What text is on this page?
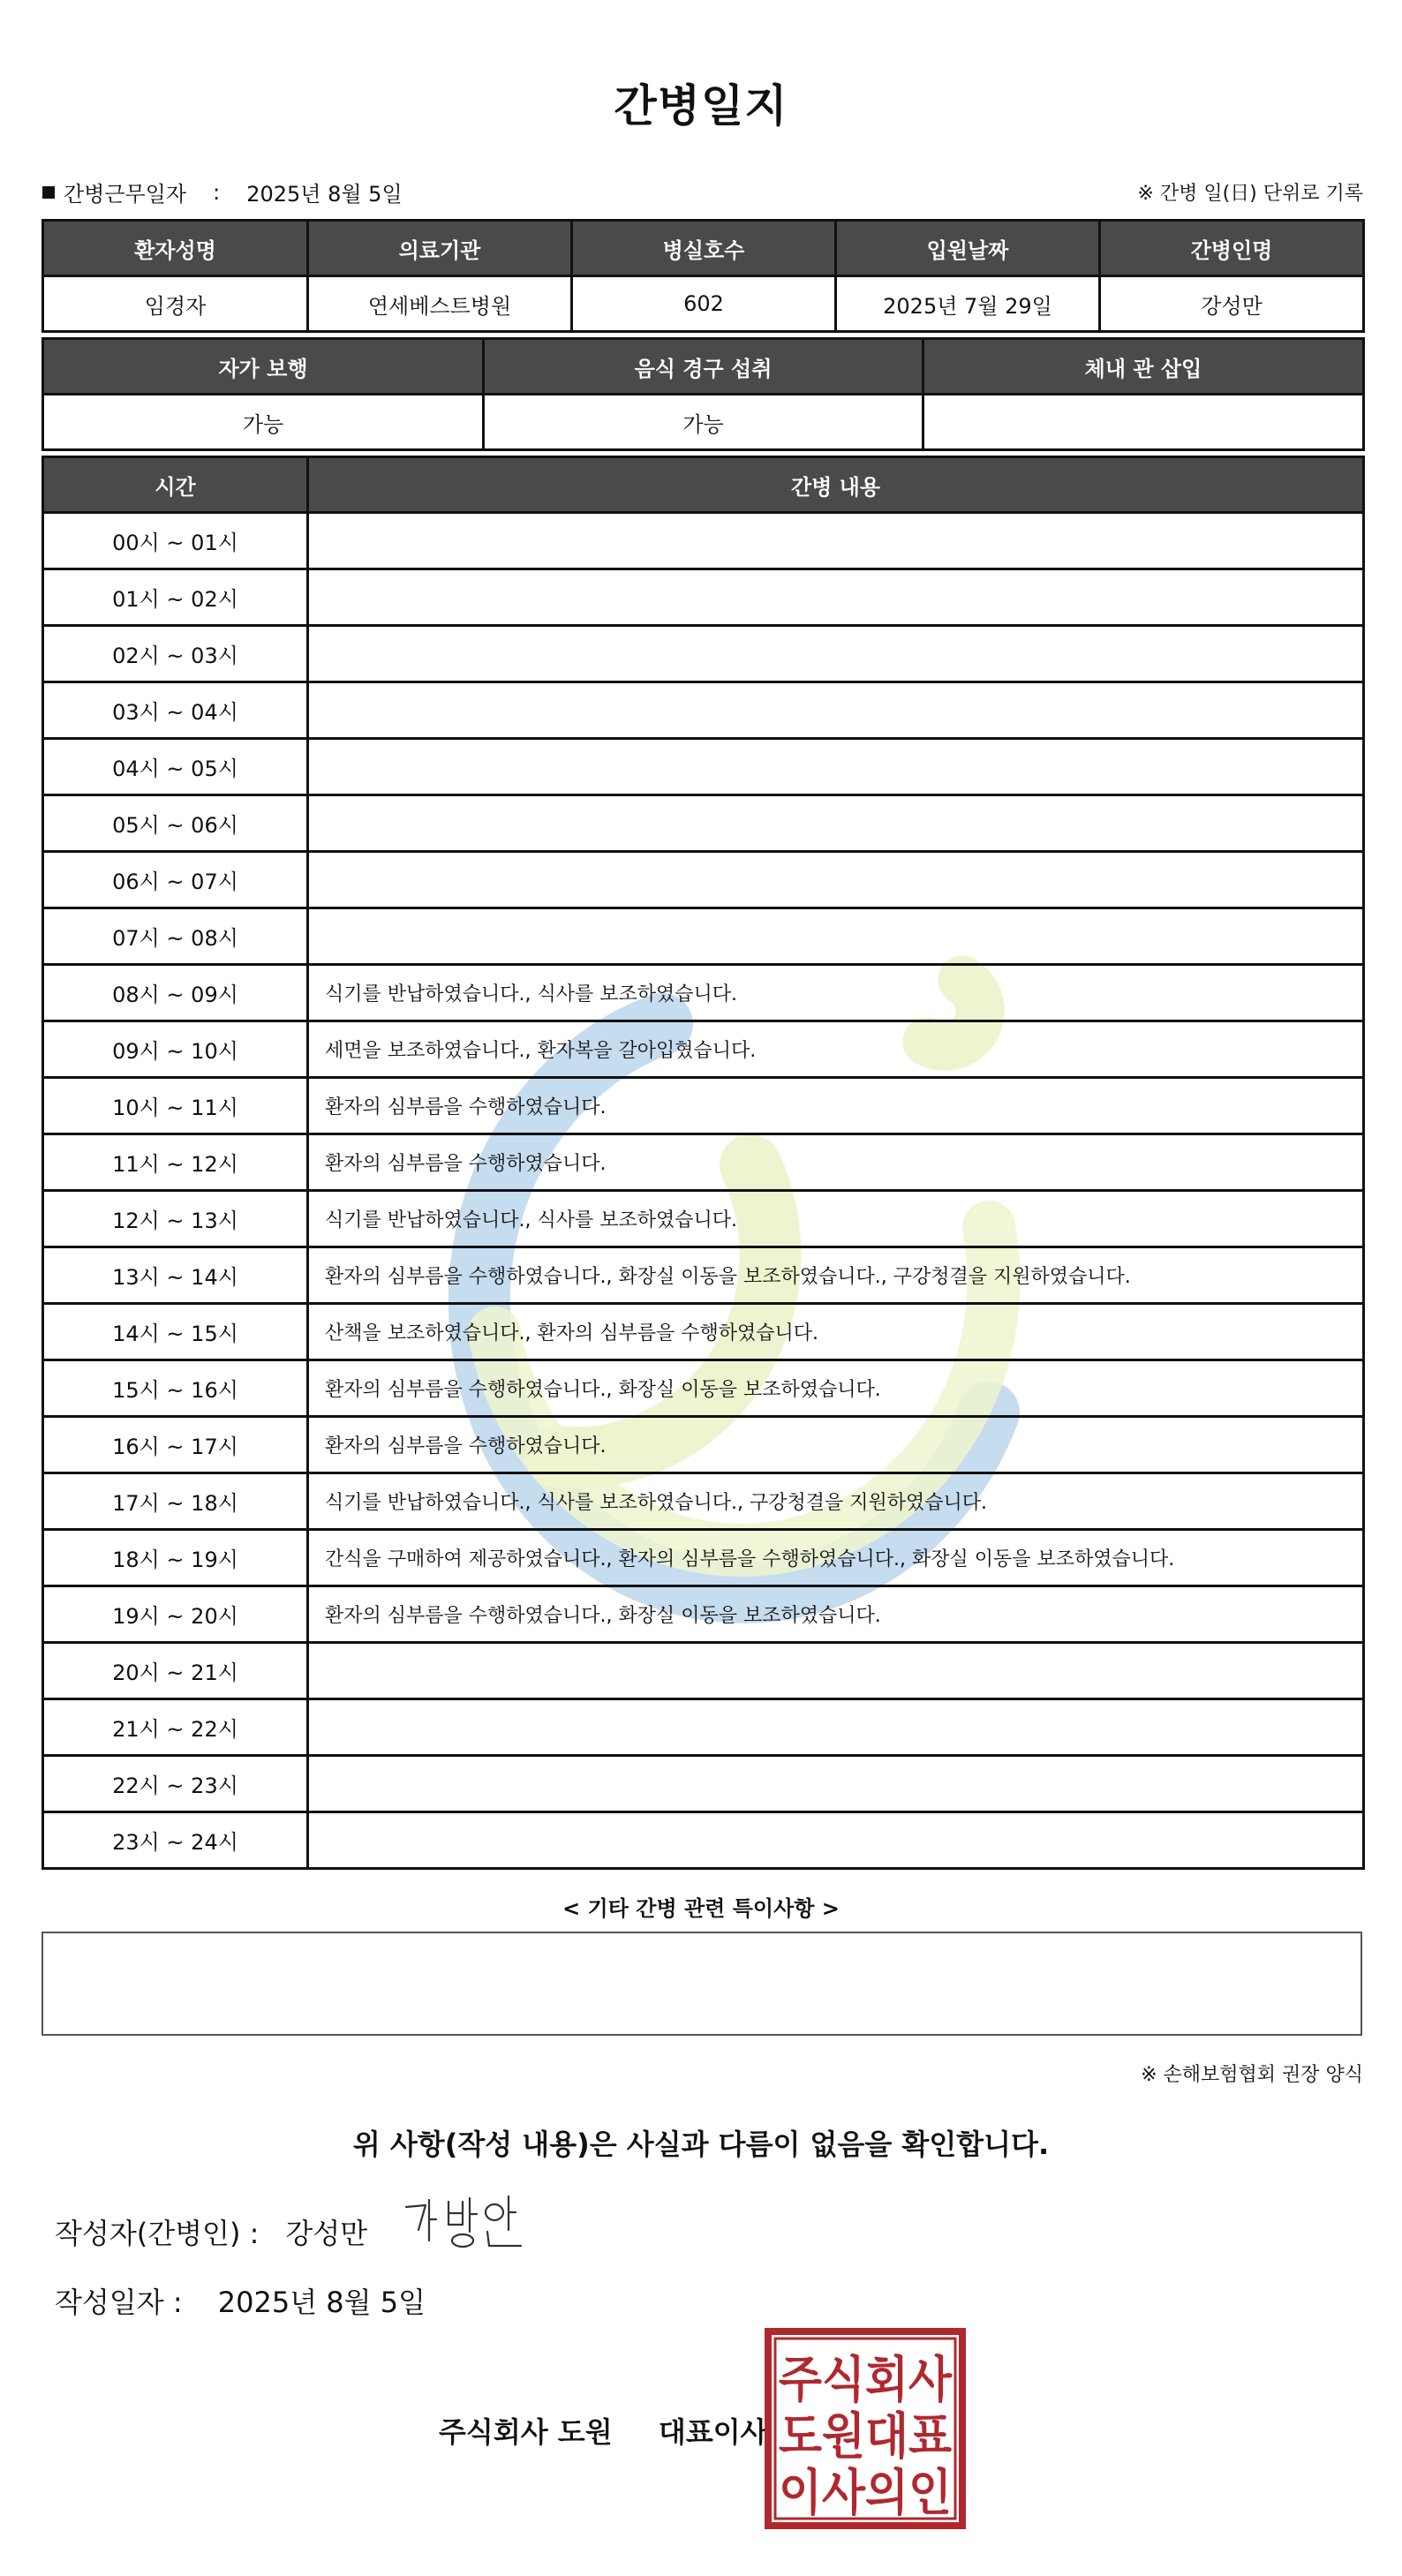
간병일지
간병근무일자 : 2025년 8월 5일	※ 간병 일(日) 단위로 기록
환자성명	의료기관	병실호수	입원날짜	간병인명
임경자	연세베스트병원	602	2025년 7월 29일	강성만
자가 보행	음식 경구 섭취	체내 관 삽입
가능	가능	
시간	간병 내용
00시 ~ 01시	
01시 ~ 02시	
02시 ~ 03시	
03시 ~ 04시	
04시 ~ 05시	
05시 ~ 06시	
06시 ~ 07시	
07시 ~ 08시	
08시 ~ 09시	식기를 반납하였습니다., 식사를 보조하였습니다.
09시 ~ 10시	세면을 보조하였습니다., 환자복을 갈아입혔습니다.
10시 ~ 11시	환자의 심부름을 수행하였습니다.
11시 ~ 12시	환자의 심부름을 수행하였습니다.
12시 ~ 13시	식기를 반납하였습니다., 식사를 보조하였습니다.
13시 ~ 14시	환자의 심부름을 수행하였습니다., 화장실 이동을 보조하였습니다., 구강청결을 지원하였습니다.
14시 ~ 15시	산책을 보조하였습니다., 환자의 심부름을 수행하였습니다.
15시 ~ 16시	환자의 심부름을 수행하였습니다., 화장실 이동을 보조하였습니다.
16시 ~ 17시	환자의 심부름을 수행하였습니다.
17시 ~ 18시	식기를 반납하였습니다., 식사를 보조하였습니다., 구강청결을 지원하였습니다.
18시 ~ 19시	간식을 구매하여 제공하였습니다., 환자의 심부름을 수행하였습니다., 화장실 이동을 보조하였습니다.
19시 ~ 20시	환자의 심부름을 수행하였습니다., 화장실 이동을 보조하였습니다.
20시 ~ 21시	
21시 ~ 22시	
22시 ~ 23시	
23시 ~ 24시	
< 기타 간병 관련 특이사항 >
※ 손해보험협회 권장 양식
위 사항(작성 내용)은 사실과 다름이 없음을 확인합니다.
작성자(간병인) : 강성만
작성일자 : 2025년 8월 5일
주식회사 도원 대표이사
주식회사
도원대표
이사의인
